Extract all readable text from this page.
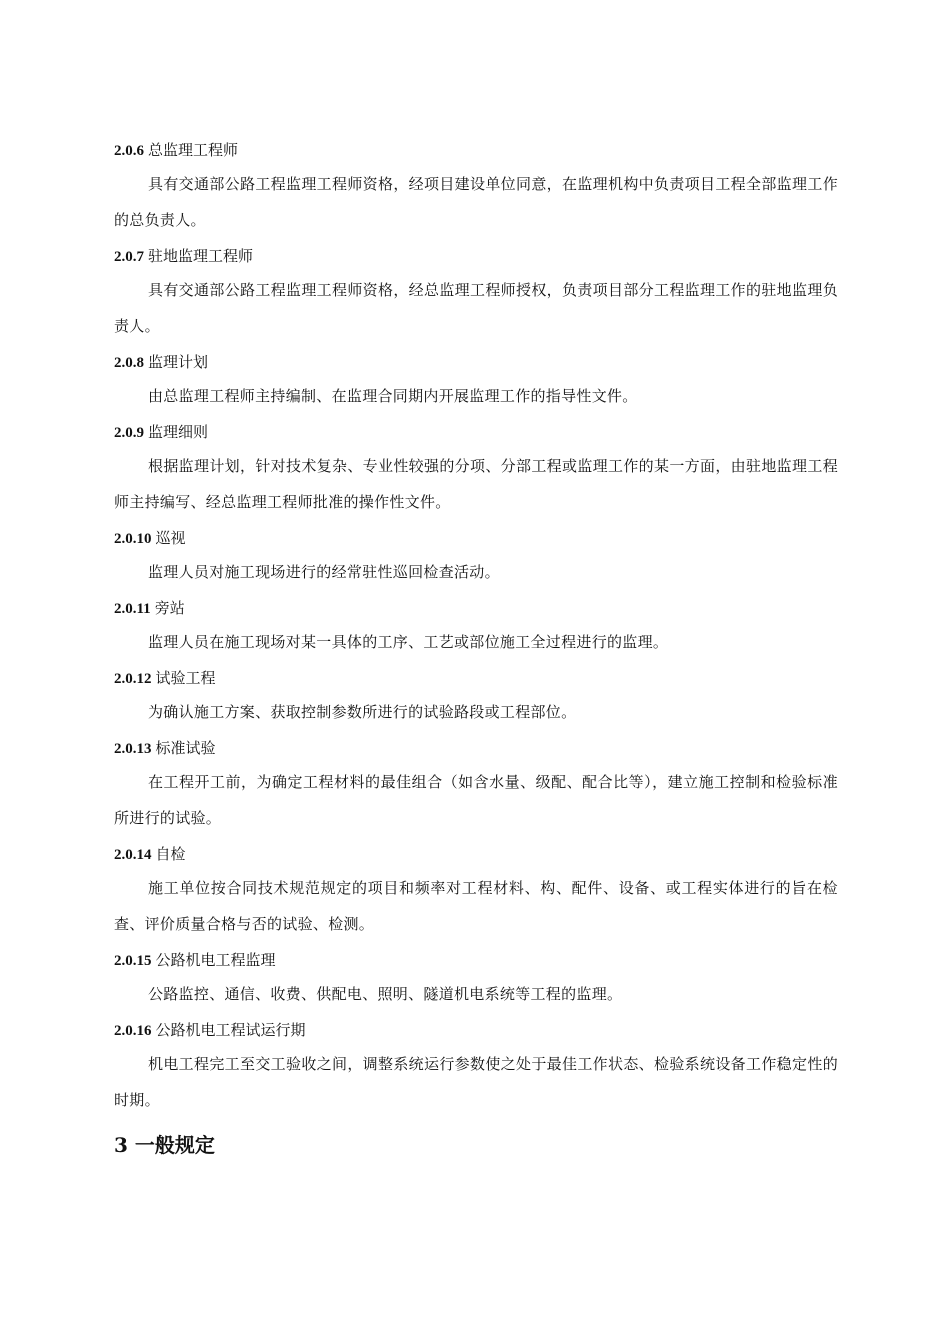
2.0.6 总监理工程师

具有交通部公路工程监理工程师资格，经项目建设单位同意，在监理机构中负责项目工程全部监理工作的总负责人。

2.0.7 驻地监理工程师

具有交通部公路工程监理工程师资格，经总监理工程师授权，负责项目部分工程监理工作的驻地监理负责人。

2.0.8 监理计划

由总监理工程师主持编制、在监理合同期内开展监理工作的指导性文件。

2.0.9 监理细则

根据监理计划，针对技术复杂、专业性较强的分项、分部工程或监理工作的某一方面，由驻地监理工程师主持编写、经总监理工程师批准的操作性文件。

2.0.10 巡视

监理人员对施工现场进行的经常驻性巡回检查活动。

2.0.11 旁站

监理人员在施工现场对某一具体的工序、工艺或部位施工全过程进行的监理。

2.0.12 试验工程

为确认施工方案、获取控制参数所进行的试验路段或工程部位。

2.0.13 标准试验

在工程开工前，为确定工程材料的最佳组合（如含水量、级配、配合比等），建立施工控制和检验标准所进行的试验。

2.0.14 自检

施工单位按合同技术规范规定的项目和频率对工程材料、构、配件、设备、或工程实体进行的旨在检查、评价质量合格与否的试验、检测。

2.0.15 公路机电工程监理

公路监控、通信、收费、供配电、照明、隧道机电系统等工程的监理。

2.0.16 公路机电工程试运行期

机电工程完工至交工验收之间，调整系统运行参数使之处于最佳工作状态、检验系统设备工作稳定性的时期。

3 一般规定
